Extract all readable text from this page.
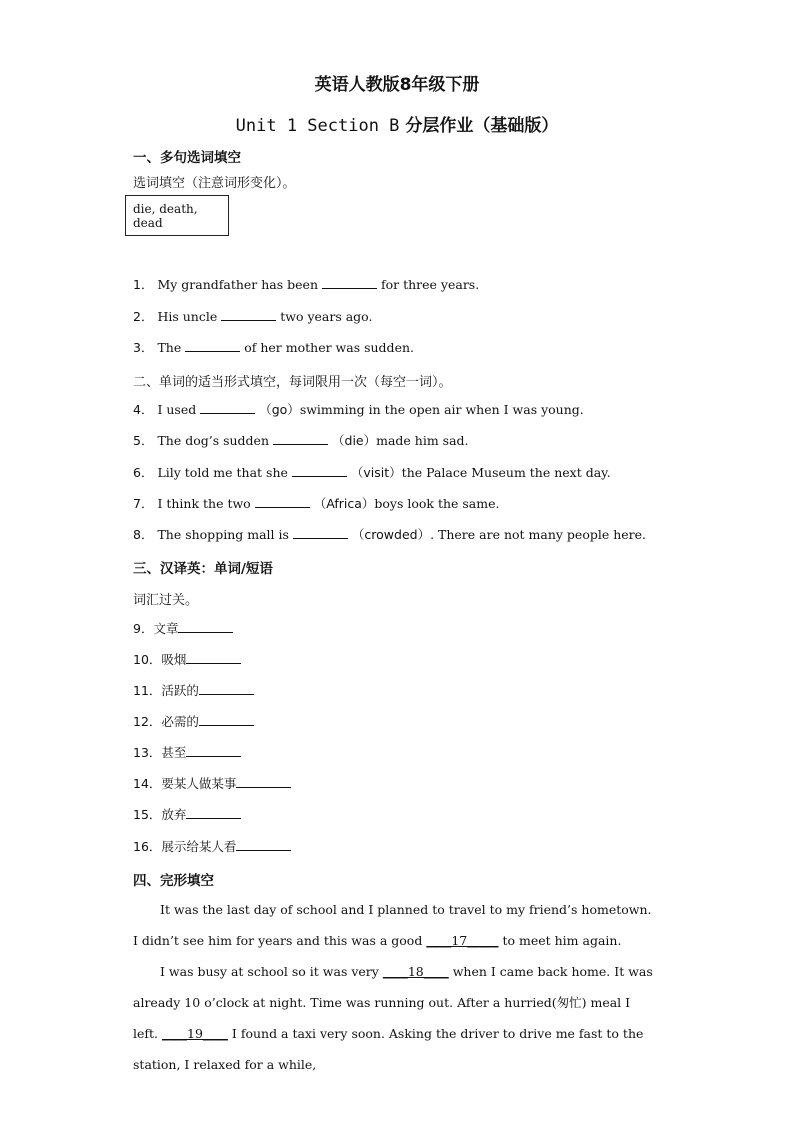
英语人教版8年级下册
Unit 1 Section B 分层作业（基础版）
一、多句选词填空
选词填空（注意词形变化）。
die, death, dead
1． My grandfather has been	for three years.
2． His uncle	two years ago.
3． The	of her mother was sudden.
二、单词的适当形式填空，每词限用一次（每空一词）。
4． I used	（go）swimming in the open air when I was young.
5． The dog’s sudden	（die）made him sad.
6． Lily told me that she	（visit）the Palace Museum the next day.
7． I think the two	（Africa）boys look the same.
8． The shopping mall is	（crowded）. There are not many people here.
三、汉译英：单词/短语
词汇过关。
9．文章
10．吸烟
11．活跃的
12．必需的
13．甚至
14．要某人做某事
15．放弃
16．展示给某人看
四、完形填空
It was the last day of school and I planned to travel to my friend’s hometown. I didn’t see him for years and this was a good ____17_____ to meet him again.
I was busy at school so it was very ____18____ when I came back home. It was already 10 o’clock at night. Time was running out. After a hurried(匆忙) meal I left. ____19____ I found a taxi very soon. Asking the driver to drive me fast to the station, I relaxed for a while,
